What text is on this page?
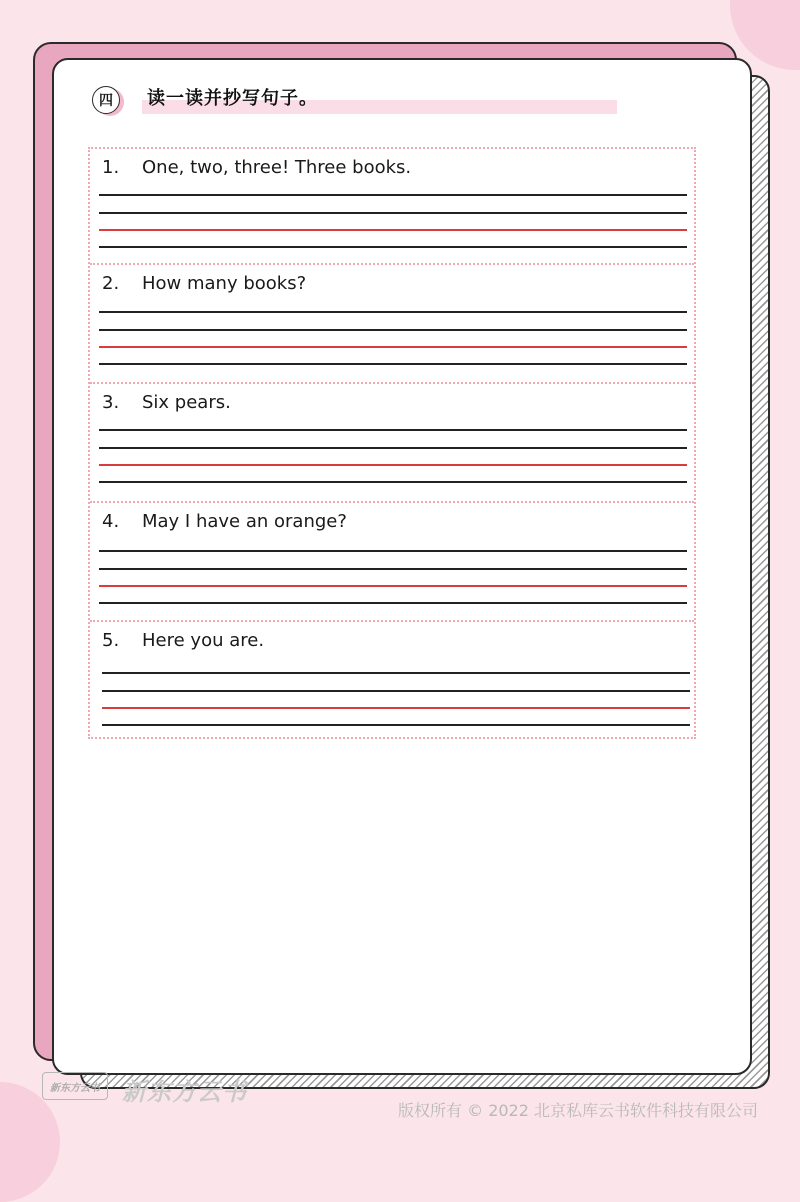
四	读一读并抄写句子。
1. One, two, three! Three books.
2. How many books?
3. Six pears.
4. May I have an orange?
5. Here you are.
新东方云书 新东方云书
版权所有 © 2022 北京私库云书软件科技有限公司
